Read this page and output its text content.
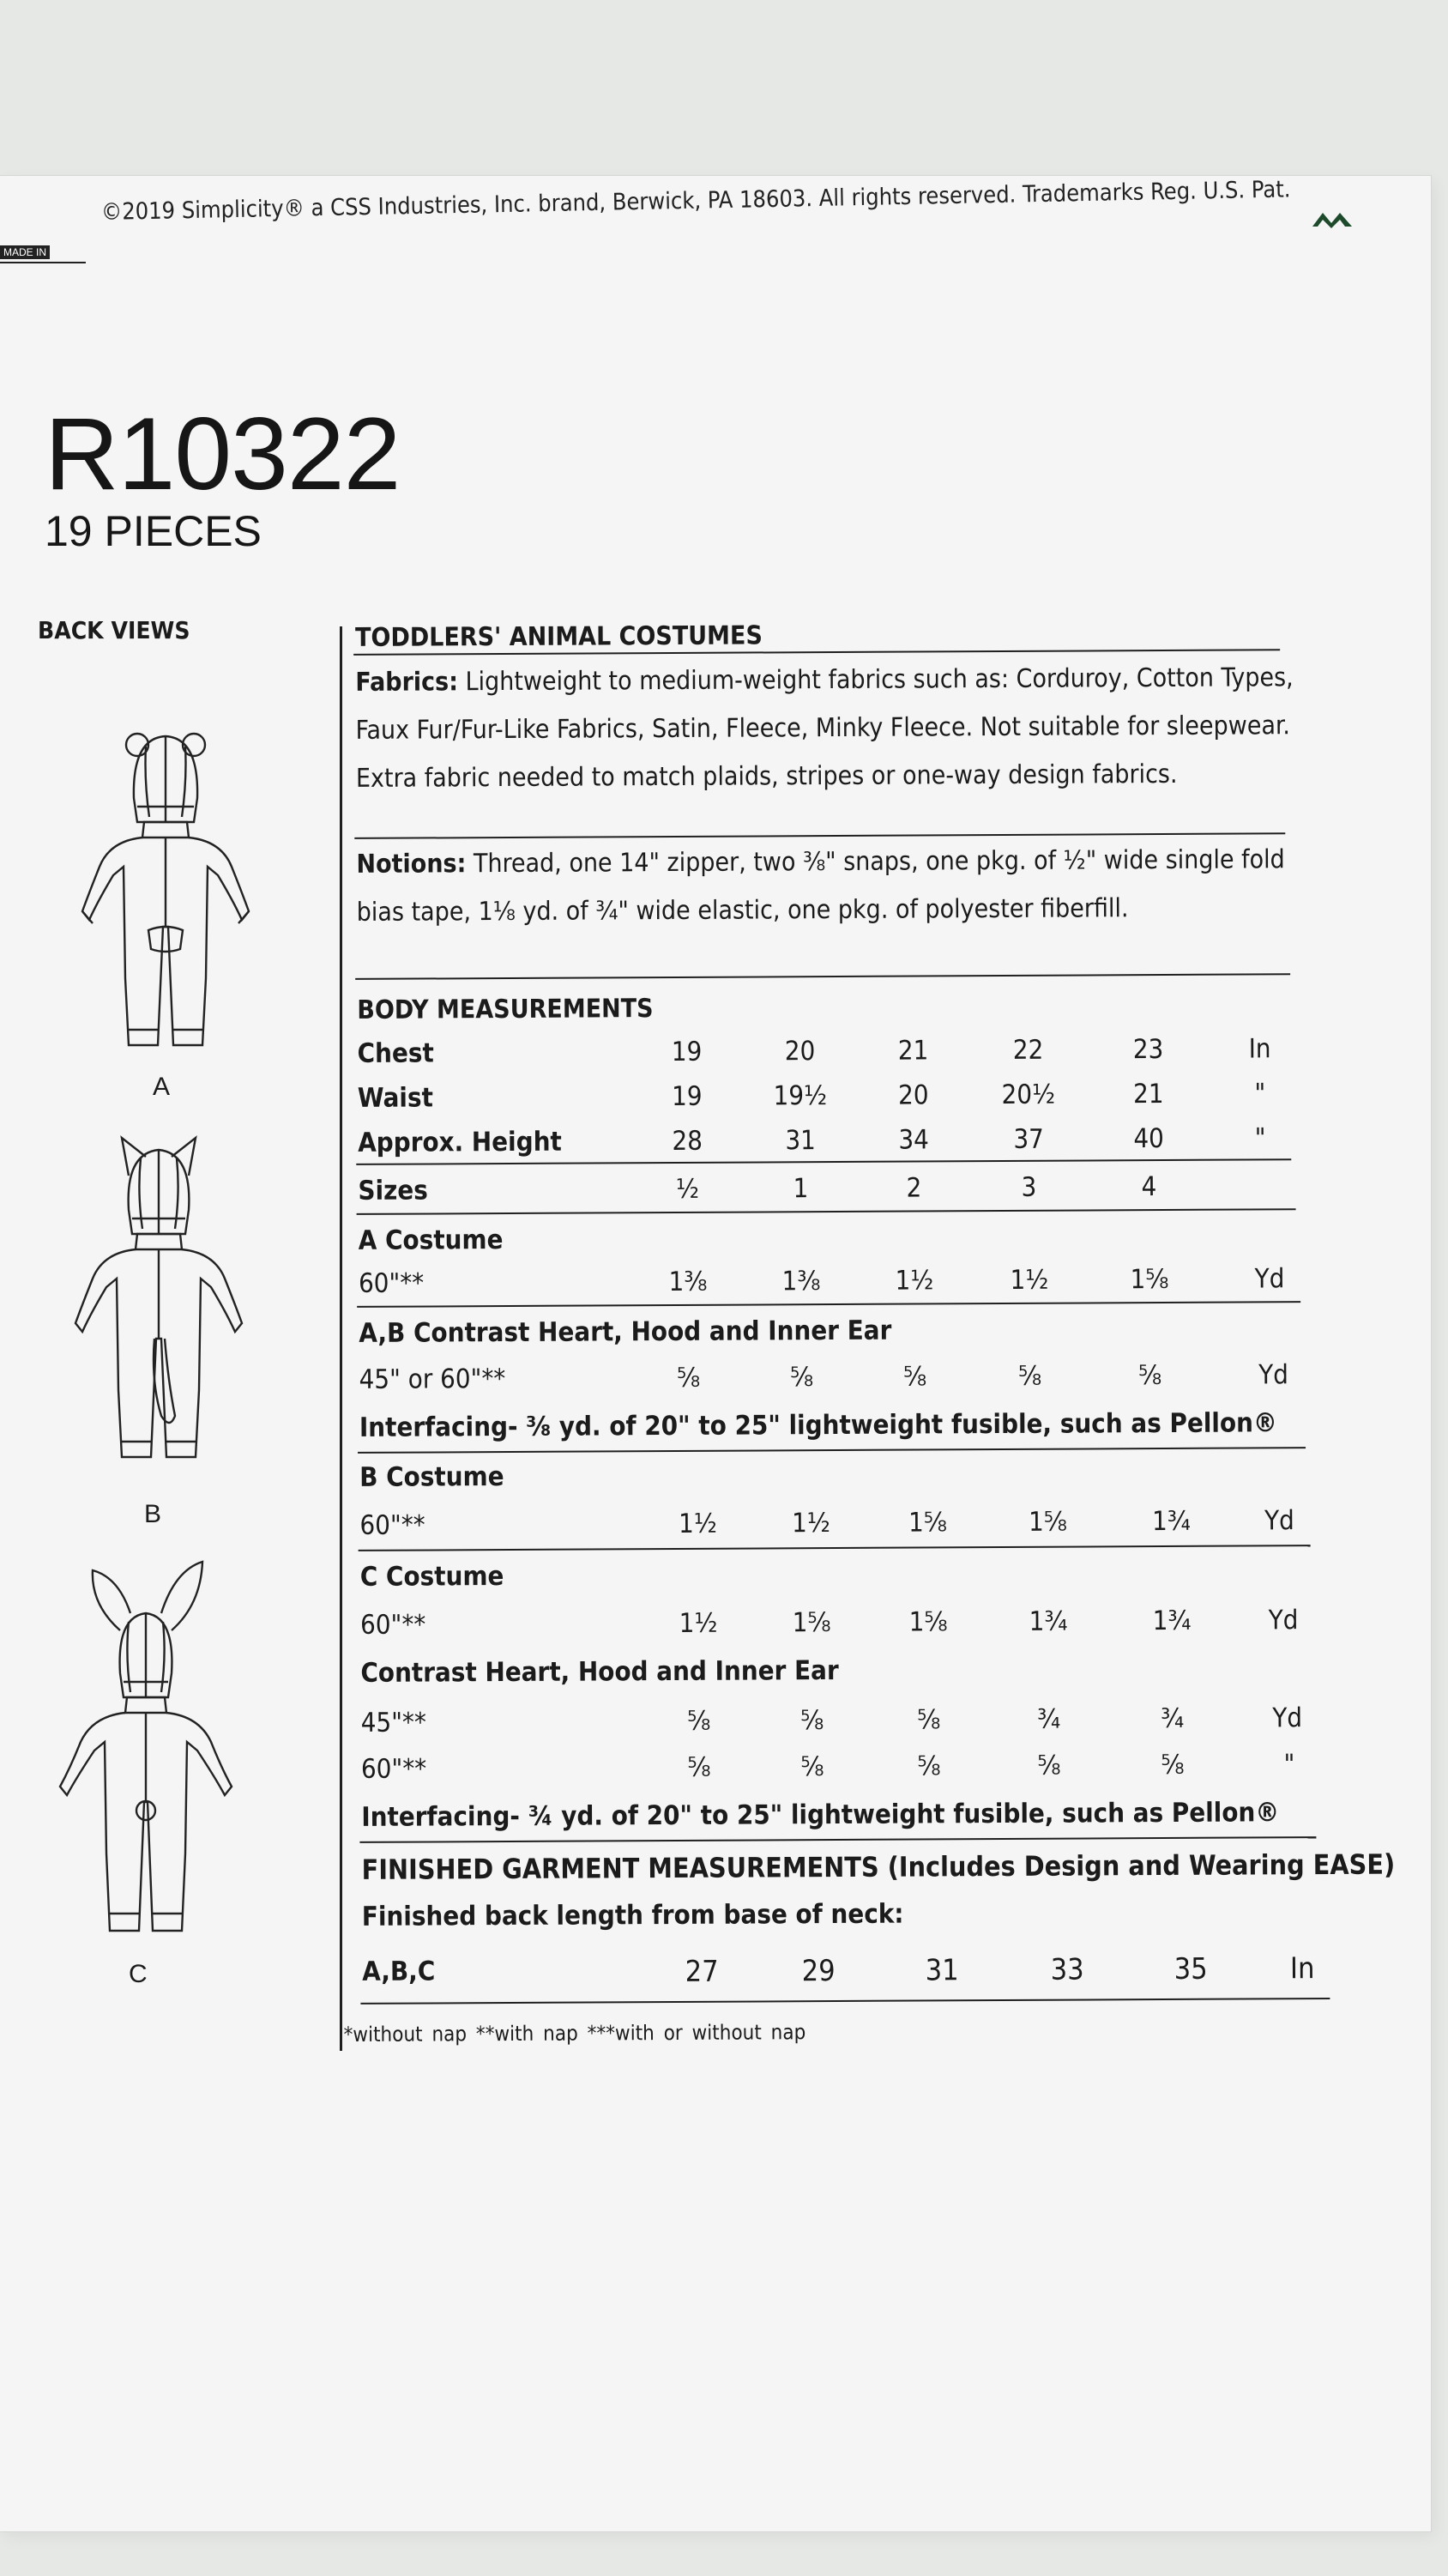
MADE IN
©2019 Simplicity® a CSS Industries, Inc. brand, Berwick, PA 18603. All rights reserved. Trademarks Reg. U.S. Pat.
R10322
19 PIECES
BACK VIEWS
A
B
C
TODDLERS' ANIMAL COSTUMES
Fabrics: Lightweight to medium-weight fabrics such as: Corduroy, Cotton Types,
Faux Fur/Fur-Like Fabrics, Satin, Fleece, Minky Fleece. Not suitable for sleepwear.
Extra fabric needed to match plaids, stripes or one-way design fabrics.
Notions: Thread, one 14" zipper, two ⅜" snaps, one pkg. of ½" wide single fold
bias tape, 1⅛ yd. of ¾" wide elastic, one pkg. of polyester fiberfill.
BODY MEASUREMENTS
Chest	19	20	21	22	23	In
Waist	19	19½	20	20½	21	"
Approx. Height	28	31	34	37	40	"
Sizes	½	1	2	3	4
A Costume
60"**	1⅜	1⅜	1½	1½	1⅝	Yd
A,B Contrast Heart, Hood and Inner Ear
45" or 60"**	⅝	⅝	⅝	⅝	⅝	Yd
Interfacing- ⅜ yd. of 20" to 25" lightweight fusible, such as Pellon®
B Costume
60"**	1½	1½	1⅝	1⅝	1¾	Yd
C Costume
60"**	1½	1⅝	1⅝	1¾	1¾	Yd
Contrast Heart, Hood and Inner Ear
45"**	⅝	⅝	⅝	¾	¾	Yd
60"**	⅝	⅝	⅝	⅝	⅝	"
Interfacing- ¾ yd. of 20" to 25" lightweight fusible, such as Pellon®
FINISHED GARMENT MEASUREMENTS (Includes Design and Wearing EASE)
Finished back length from base of neck:
A,B,C	27	29	31	33	35	In
*without nap **with nap ***with or without nap
